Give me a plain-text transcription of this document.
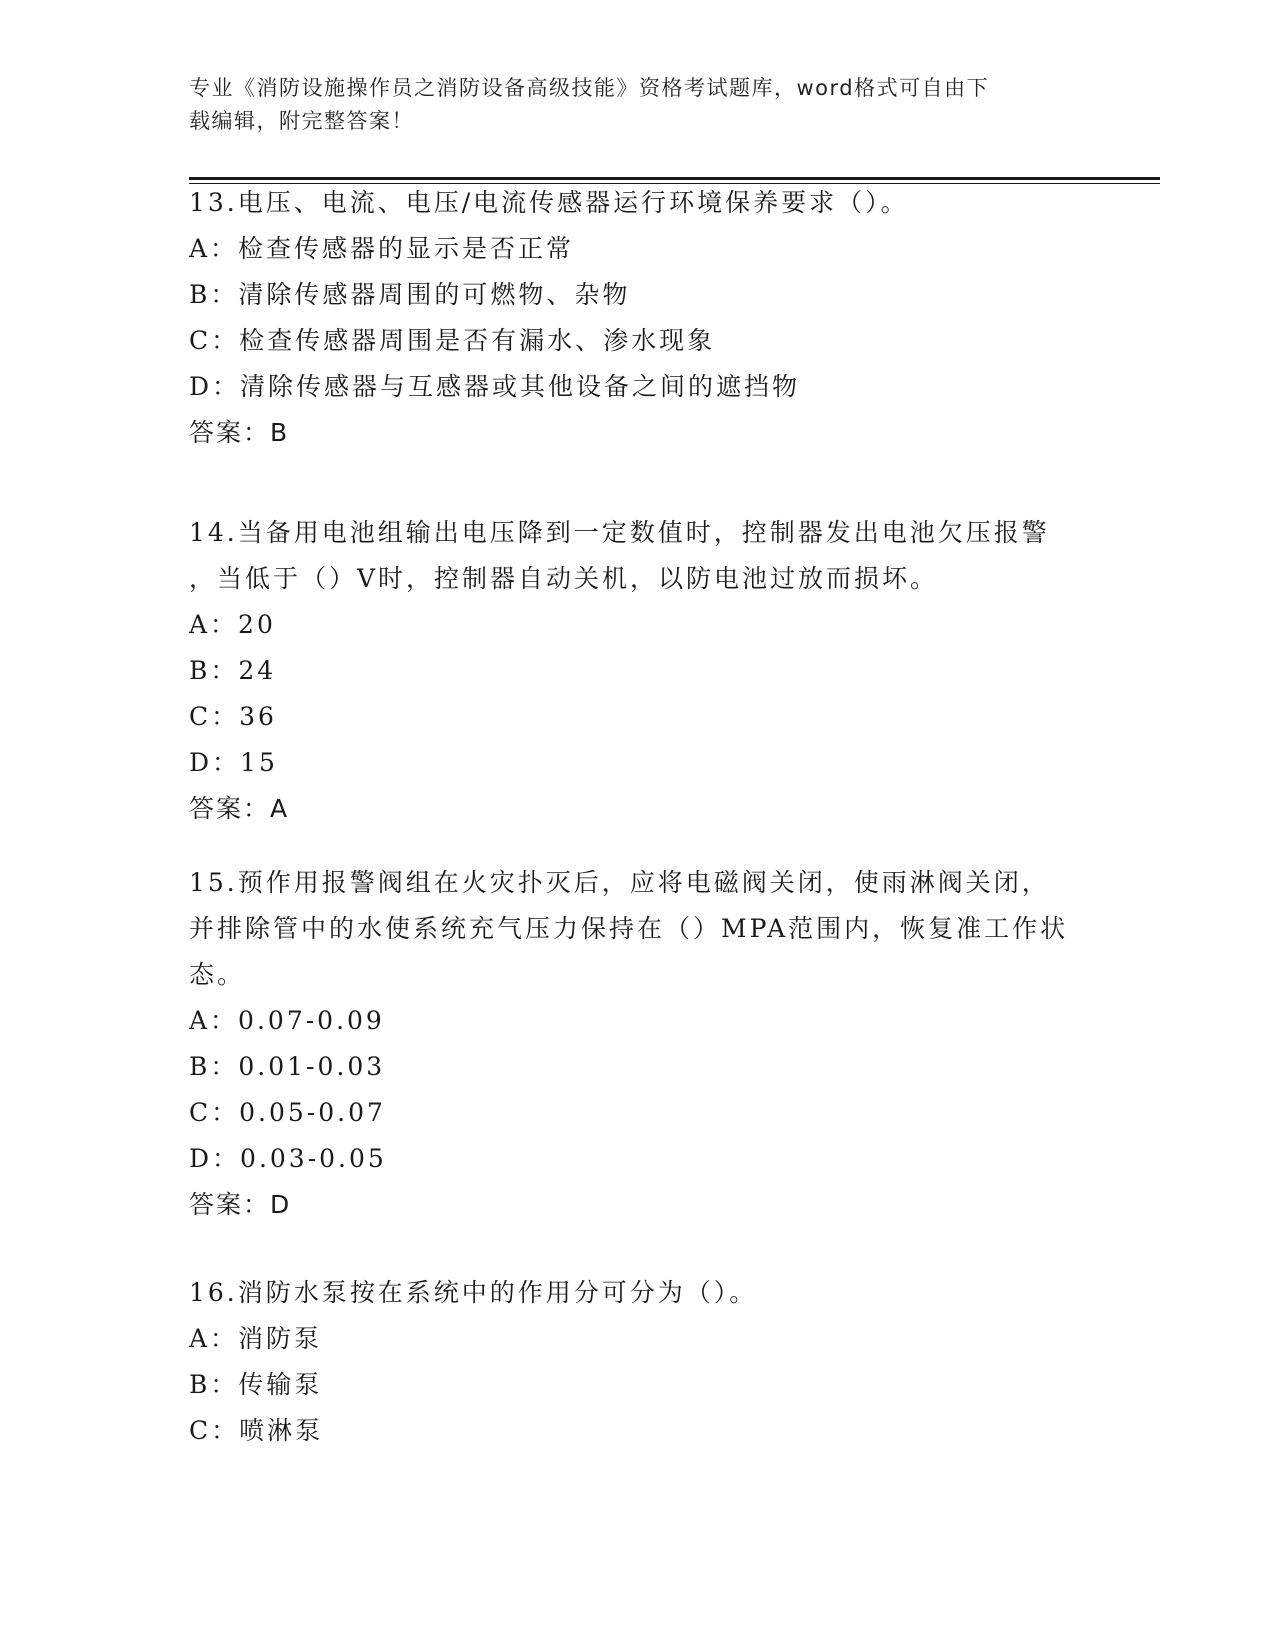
专业《消防设施操作员之消防设备高级技能》资格考试题库，word格式可自由下
载编辑，附完整答案！
13.电压、电流、电压/电流传感器运行环境保养要求（）。
A：检查传感器的显示是否正常
B：清除传感器周围的可燃物、杂物
C：检查传感器周围是否有漏水、渗水现象
D：清除传感器与互感器或其他设备之间的遮挡物
答案：B
14.当备用电池组输出电压降到一定数值时，控制器发出电池欠压报警
，当低于（）V时，控制器自动关机，以防电池过放而损坏。
A：20
B：24
C：36
D：15
答案：A
15.预作用报警阀组在火灾扑灭后，应将电磁阀关闭，使雨淋阀关闭，
并排除管中的水使系统充气压力保持在（）MPA范围内，恢复准工作状
态。
A：0.07-0.09
B：0.01-0.03
C：0.05-0.07
D：0.03-0.05
答案：D
16.消防水泵按在系统中的作用分可分为（）。
A：消防泵
B：传输泵
C：喷淋泵
